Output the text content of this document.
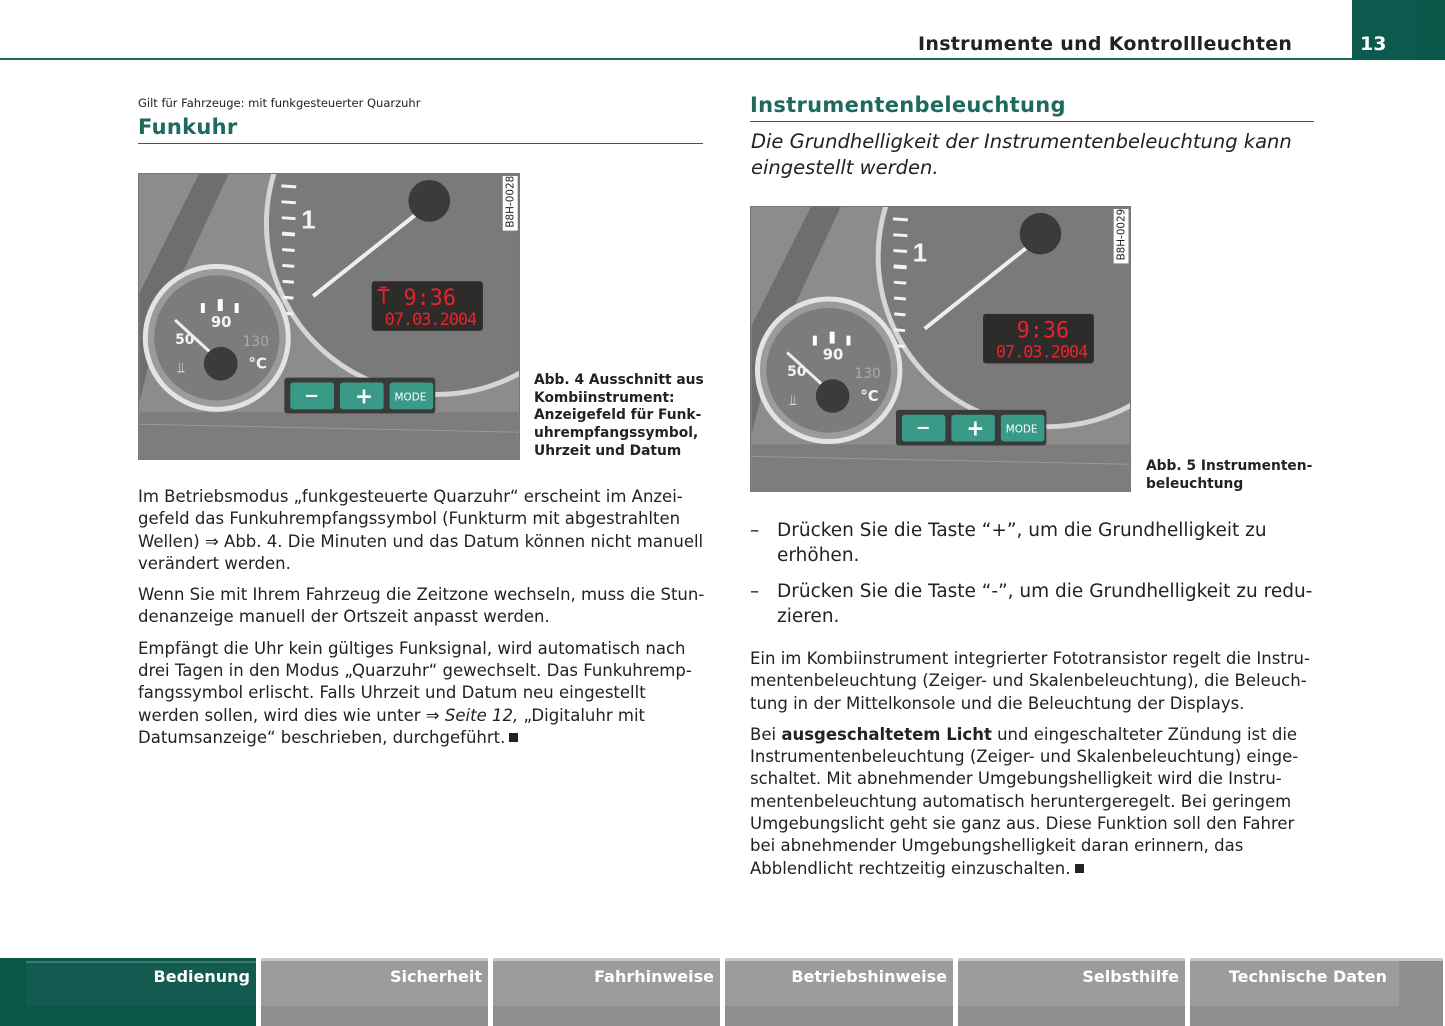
Instrumente und Kontrollleuchten	13
Gilt für Fahrzeuge: mit funkgesteuerter Quarzuhr
Funkuhr
1
⍑ 9:36
07.03.2004
90
50	130
°C
⫫
− + MODE
B8H-0028
Abb. 4 Ausschnitt aus
Kombiinstrument:
Anzeigefeld für Funk-
uhrempfangssymbol,
Uhrzeit und Datum

Im Betriebsmodus „funkgesteuerte Quarzuhr“ erscheint im Anzei-gefeld das Funkuhrempfangssymbol (Funkturm mit abgestrahlten Wellen) ⇒ Abb. 4. Die Minuten und das Datum können nicht manuell verändert werden.

Wenn Sie mit Ihrem Fahrzeug die Zeitzone wechseln, muss die Stun-denanzeige manuell der Ortszeit anpasst werden.

Empfängt die Uhr kein gültiges Funksignal, wird automatisch nach drei Tagen in den Modus „Quarzuhr“ gewechselt. Das Funkuhremp-fangssymbol erlischt. Falls Uhrzeit und Datum neu eingestellt werden sollen, wird dies wie unter ⇒ Seite 12, „Digitaluhr mit Datumsanzeige“ beschrieben, durchgeführt.

Instrumentenbeleuchtung
Die Grundhelligkeit der Instrumentenbeleuchtung kann eingestellt werden.
1
9:36
07.03.2004
90
50	130
°C
⫫
− + MODE
B8H-0029
Abb. 5 Instrumenten-
beleuchtung
– Drücken Sie die Taste “+”, um die Grundhelligkeit zu erhöhen.
– Drücken Sie die Taste “-”, um die Grundhelligkeit zu redu-zieren.

Ein im Kombiinstrument integrierter Fototransistor regelt die Instru-mentenbeleuchtung (Zeiger- und Skalenbeleuchtung), die Beleuch-tung in der Mittelkonsole und die Beleuchtung der Displays.

Bei ausgeschaltetem Licht und eingeschalteter Zündung ist die Instrumentenbeleuchtung (Zeiger- und Skalenbeleuchtung) einge-schaltet. Mit abnehmender Umgebungshelligkeit wird die Instru-mentenbeleuchtung automatisch heruntergeregelt. Bei geringem Umgebungslicht geht sie ganz aus. Diese Funktion soll den Fahrer bei abnehmender Umgebungshelligkeit daran erinnern, das Abblendlicht rechtzeitig einzuschalten.

Bedienung	Sicherheit	Fahrhinweise	Betriebshinweise	Selbsthilfe	Technische Daten
